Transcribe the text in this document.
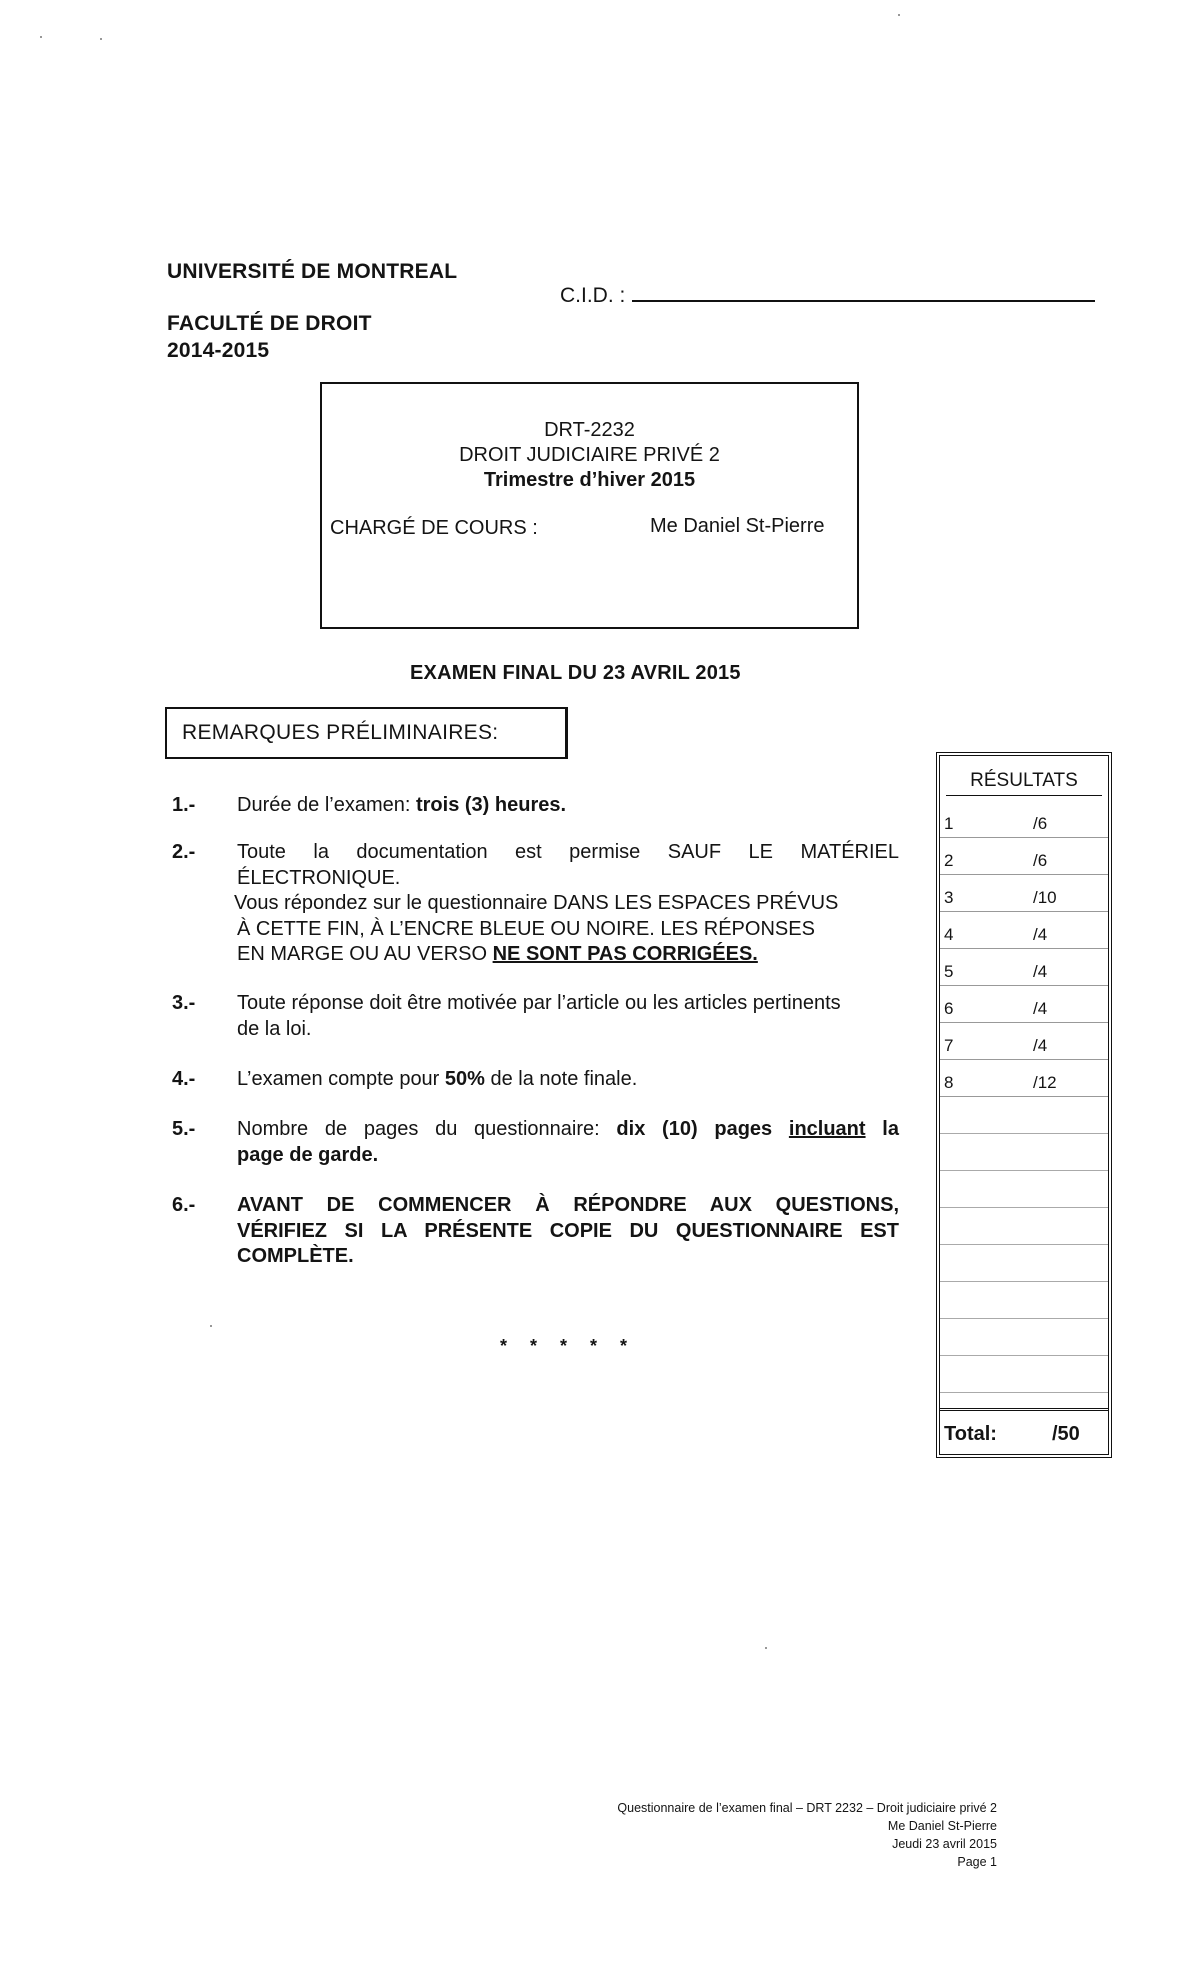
UNIVERSITÉ DE MONTREAL
FACULTÉ DE DROIT
2014-2015
C.I.D. :
DRT-2232
DROIT JUDICIAIRE PRIVÉ 2
Trimestre d’hiver 2015
CHARGÉ DE COURS :	Me Daniel St-Pierre
EXAMEN FINAL DU 23 AVRIL 2015
REMARQUES PRÉLIMINAIRES:
1.- Durée de l’examen: trois (3) heures.
2.- Toute la documentation est permise SAUF LE MATÉRIEL
ÉLECTRONIQUE.
Vous répondez sur le questionnaire DANS LES ESPACES PRÉVUS
À CETTE FIN, À L’ENCRE BLEUE OU NOIRE. LES RÉPONSES
EN MARGE OU AU VERSO NE SONT PAS CORRIGÉES.
3.- Toute réponse doit être motivée par l’article ou les articles pertinents
de la loi.
4.- L’examen compte pour 50% de la note finale.
5.- Nombre de pages du questionnaire: dix (10) pages incluant la
page de garde.
6.- AVANT DE COMMENCER À RÉPONDRE AUX QUESTIONS,
VÉRIFIEZ SI LA PRÉSENTE COPIE DU QUESTIONNAIRE EST
COMPLÈTE.
* * * * *
RÉSULTATS
1	/6
2	/6
3	/10
4	/4
5	/4
6	/4
7	/4
8	/12
Total:	/50
Questionnaire de l’examen final – DRT 2232 – Droit judiciaire privé 2
Me Daniel St-Pierre
Jeudi 23 avril 2015
Page 1
